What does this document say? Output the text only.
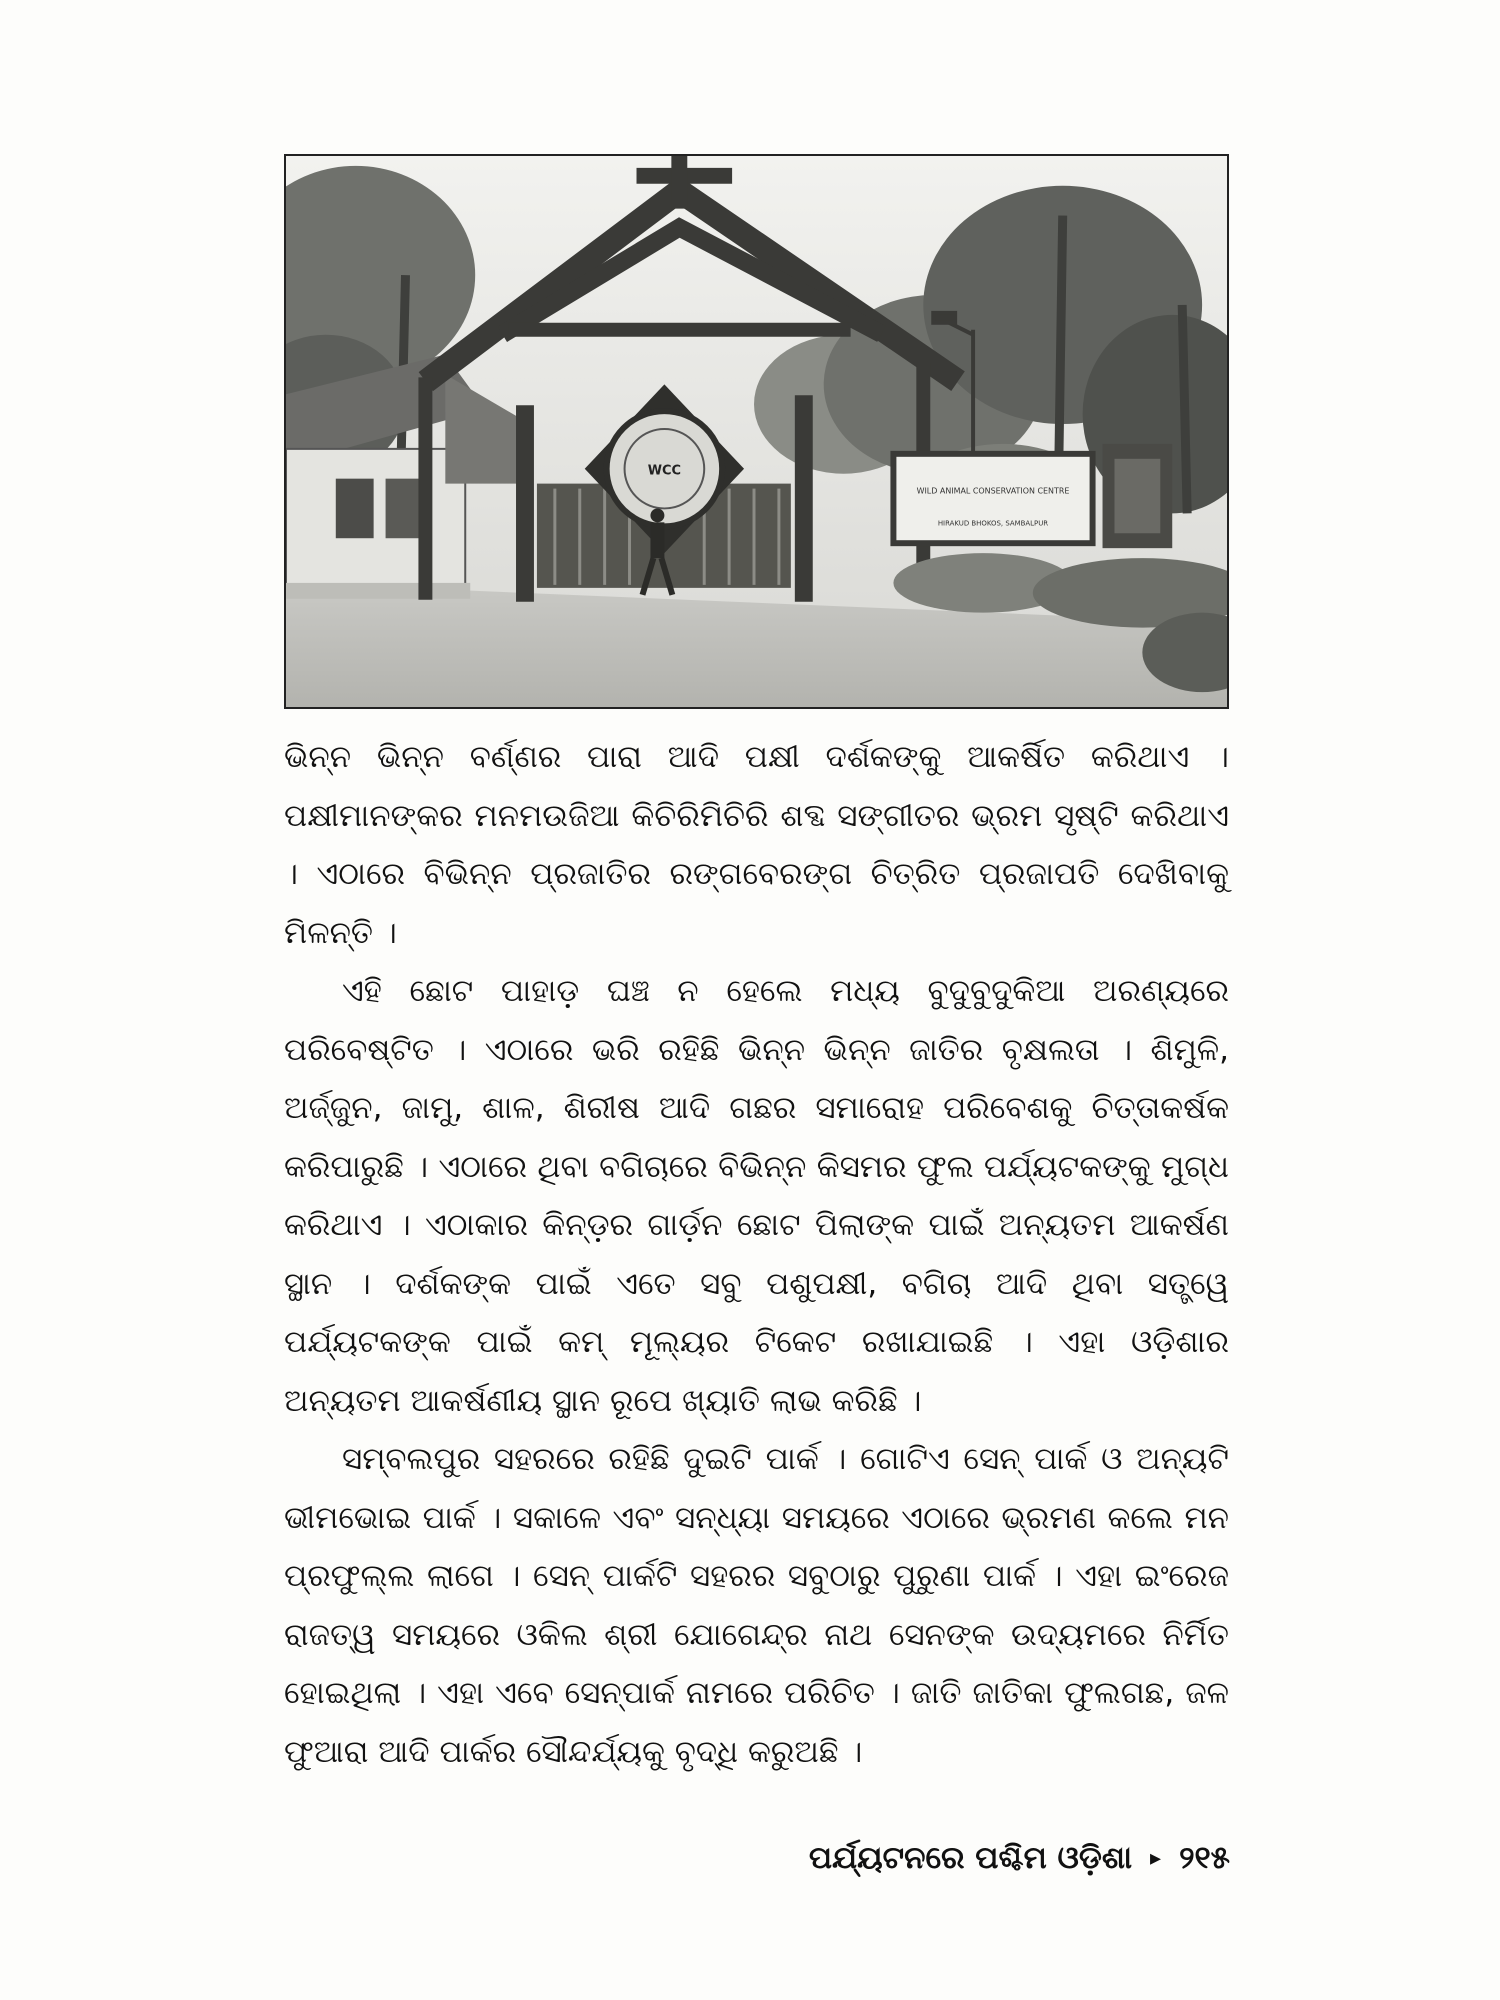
WCC
WILD ANIMAL CONSERVATION CENTRE
HIRAKUD BHOKOS, SAMBALPUR

ଭିନ୍ନ ଭିନ୍ନ ବର୍ଣ୍ଣର ପାରା ଆଦି ପକ୍ଷୀ ଦର୍ଶକଙ୍କୁ ଆକର୍ଷିତ କରିଥାଏ । ପକ୍ଷୀମାନଙ୍କର ମନମଉଜିଆ କିଚିରିମିଚିରି ଶବ୍ଦ ସଙ୍ଗୀତର ଭ୍ରମ ସୃଷ୍ଟି କରିଥାଏ । ଏଠାରେ ବିଭିନ୍ନ ପ୍ରଜାତିର ରଙ୍ଗବେରଙ୍ଗ ଚିତ୍ରିତ ପ୍ରଜାପତି ଦେଖିବାକୁ ମିଳନ୍ତି ।

ଏହି ଛୋଟ ପାହାଡ଼ ଘଞ୍ଚ ନ ହେଲେ ମଧ୍ୟ ବୁଦୁବୁଦୁକିଆ ଅରଣ୍ୟରେ ପରିବେଷ୍ଟିତ । ଏଠାରେ ଭରି ରହିଛି ଭିନ୍ନ ଭିନ୍ନ ଜାତିର ବୃକ୍ଷଲତା । ଶିମୁଳି, ଅର୍ଜ୍ଜୁନ, ଜାମୁ, ଶାଳ, ଶିରୀଷ ଆଦି ଗଛର ସମାରୋହ ପରିବେଶକୁ ଚିତ୍ତାକର୍ଷକ କରିପାରୁଛି । ଏଠାରେ ଥିବା ବଗିଚାରେ ବିଭିନ୍ନ କିସମର ଫୁଲ ପର୍ଯ୍ୟଟକଙ୍କୁ ମୁଗ୍ଧ କରିଥାଏ । ଏଠାକାର କିନ୍‌ଡ଼ର ଗାର୍ଡ଼ନ ଛୋଟ ପିଲାଙ୍କ ପାଇଁ ଅନ୍ୟତମ ଆକର୍ଷଣ ସ୍ଥାନ । ଦର୍ଶକଙ୍କ ପାଇଁ ଏତେ ସବୁ ପଶୁପକ୍ଷୀ, ବଗିଚା ଆଦି ଥିବା ସତ୍ତ୍ୱେ ପର୍ଯ୍ୟଟକଙ୍କ ପାଇଁ କମ୍ ମୂଲ୍ୟର ଟିକେଟ ରଖାଯାଇଛି । ଏହା ଓଡ଼ିଶାର ଅନ୍ୟତମ ଆକର୍ଷଣୀୟ ସ୍ଥାନ ରୂପେ ଖ୍ୟାତି ଲାଭ କରିଛି ।

ସମ୍ବଲପୁର ସହରରେ ରହିଛି ଦୁଇଟି ପାର୍କ । ଗୋଟିଏ ସେନ୍ ପାର୍କ ଓ ଅନ୍ୟଟି ଭୀମଭୋଇ ପାର୍କ । ସକାଳେ ଏବଂ ସନ୍ଧ୍ୟା ସମୟରେ ଏଠାରେ ଭ୍ରମଣ କଲେ ମନ ପ୍ରଫୁଲ୍ଲ ଲାଗେ । ସେନ୍ ପାର୍କଟି ସହରର ସବୁଠାରୁ ପୁରୁଣା ପାର୍କ । ଏହା ଇଂରେଜ ରାଜତ୍ୱ ସମୟରେ ଓକିଲ ଶ୍ରୀ ଯୋଗେନ୍ଦ୍ର ନାଥ ସେନଙ୍କ ଉଦ୍ୟମରେ ନିର୍ମିତ ହୋଇଥିଲା । ଏହା ଏବେ ସେନ୍‌ପାର୍କ ନାମରେ ପରିଚିତ । ଜାତି ଜାତିକା ଫୁଲଗଛ, ଜଳ ଫୁଆରା ଆଦି ପାର୍କର ସୌନ୍ଦର୍ଯ୍ୟକୁ ବୃଦ୍ଧି କରୁଅଛି ।

ପର୍ଯ୍ୟଟନରେ ପଶ୍ଚିମ ଓଡ଼ିଶା ▸ ୨୧୫
